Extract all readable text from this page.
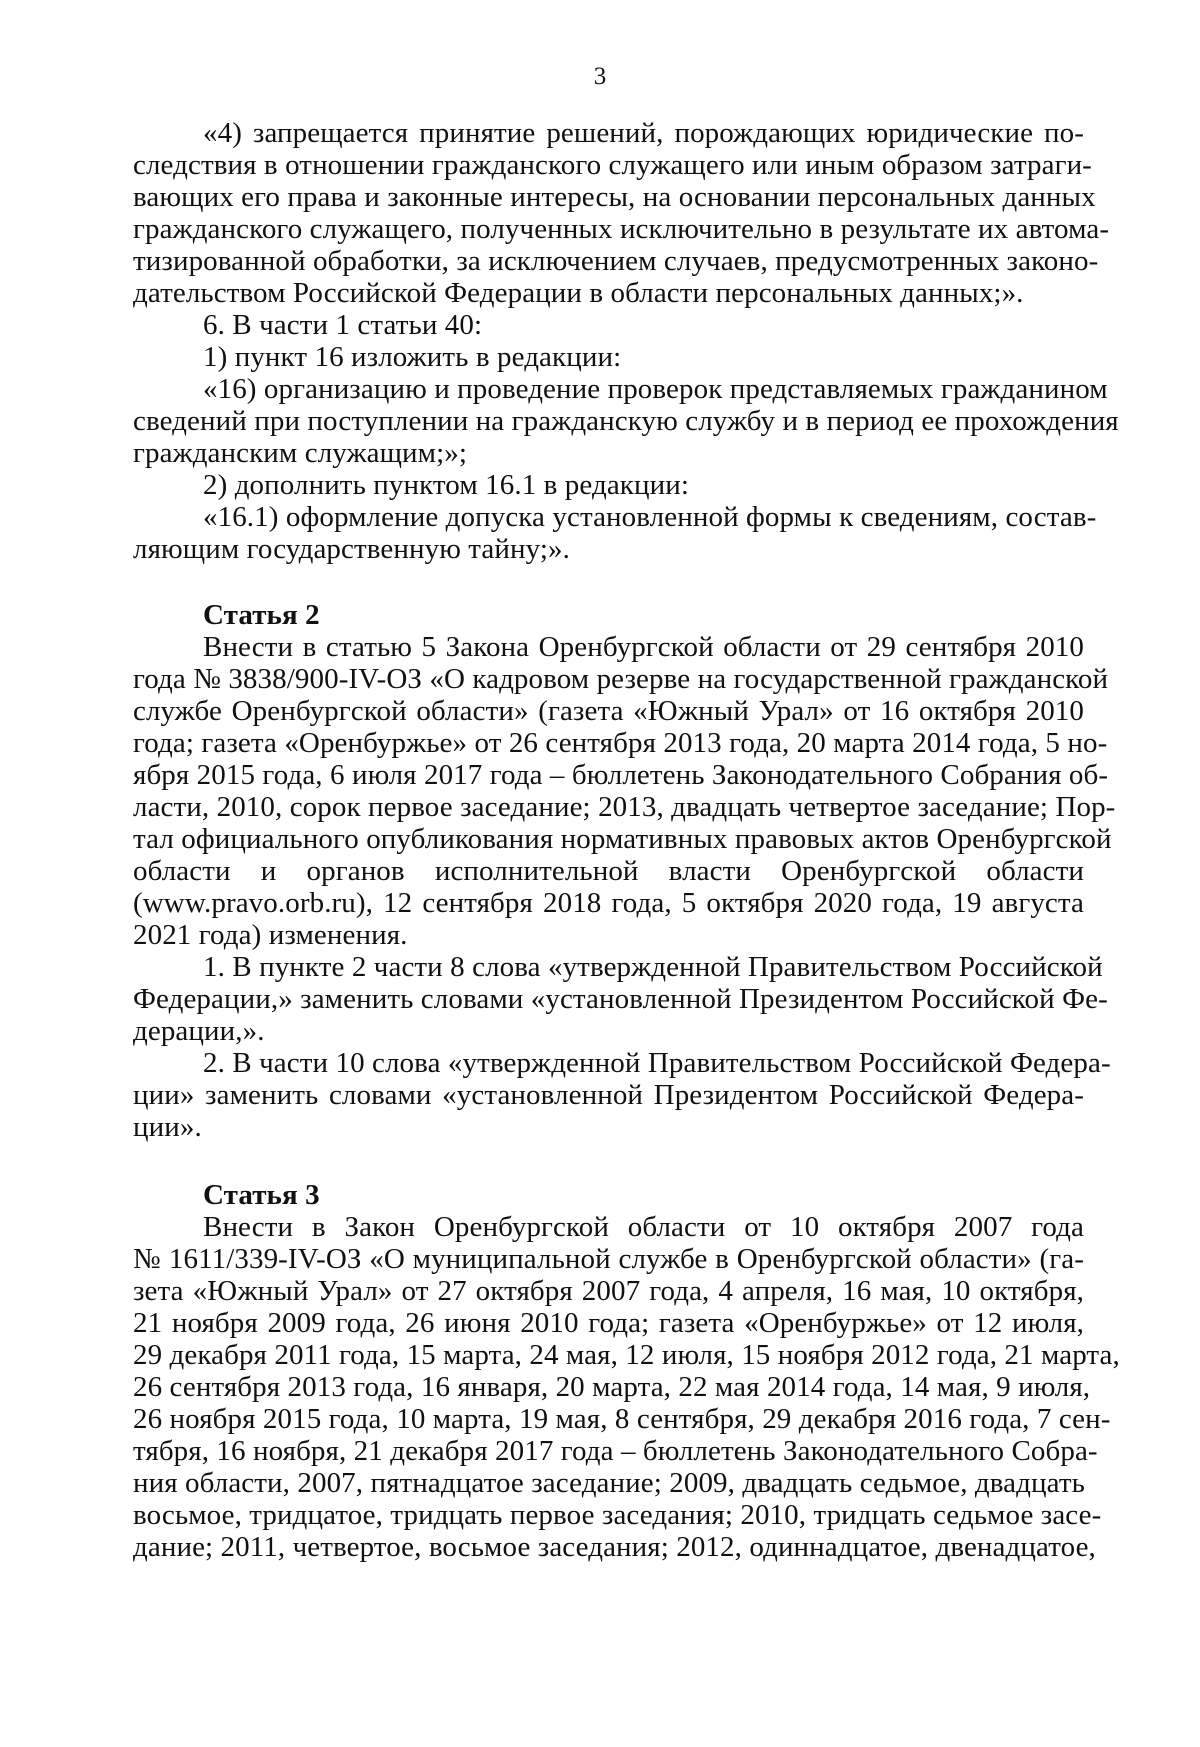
3
«4) запрещается принятие решений, порождающих юридические по-
следствия в отношении гражданского служащего или иным образом затраги-
вающих его права и законные интересы, на основании персональных данных
гражданского служащего, полученных исключительно в результате их автома-
тизированной обработки, за исключением случаев, предусмотренных законо-
дательством Российской Федерации в области персональных данных;».
6. В части 1 статьи 40:
1) пункт 16 изложить в редакции:
«16) организацию и проведение проверок представляемых гражданином
сведений при поступлении на гражданскую службу и в период ее прохождения
гражданским служащим;»;
2) дополнить пунктом 16.1 в редакции:
«16.1) оформление допуска установленной формы к сведениям, состав-
ляющим государственную тайну;».
Статья 2
Внести в статью 5 Закона Оренбургской области от 29 сентября 2010
года № 3838/900-IV-ОЗ «О кадровом резерве на государственной гражданской
службе Оренбургской области» (газета «Южный Урал» от 16 октября 2010
года; газета «Оренбуржье» от 26 сентября 2013 года, 20 марта 2014 года, 5 но-
ября 2015 года, 6 июля 2017 года – бюллетень Законодательного Собрания об-
ласти, 2010, сорок первое заседание; 2013, двадцать четвертое заседание; Пор-
тал официального опубликования нормативных правовых актов Оренбургской
области и органов исполнительной власти Оренбургской области
(www.pravo.orb.ru), 12 сентября 2018 года, 5 октября 2020 года, 19 августа
2021 года) изменения.
1. В пункте 2 части 8 слова «утвержденной Правительством Российской
Федерации,» заменить словами «установленной Президентом Российской Фе-
дерации,».
2. В части 10 слова «утвержденной Правительством Российской Федера-
ции» заменить словами «установленной Президентом Российской Федера-
ции».
Статья 3
Внести в Закон Оренбургской области от 10 октября 2007 года
№ 1611/339-IV-ОЗ «О муниципальной службе в Оренбургской области» (га-
зета «Южный Урал» от 27 октября 2007 года, 4 апреля, 16 мая, 10 октября,
21 ноября 2009 года, 26 июня 2010 года; газета «Оренбуржье» от 12 июля,
29 декабря 2011 года, 15 марта, 24 мая, 12 июля, 15 ноября 2012 года, 21 марта,
26 сентября 2013 года, 16 января, 20 марта, 22 мая 2014 года, 14 мая, 9 июля,
26 ноября 2015 года, 10 марта, 19 мая, 8 сентября, 29 декабря 2016 года, 7 сен-
тября, 16 ноября, 21 декабря 2017 года – бюллетень Законодательного Собра-
ния области, 2007, пятнадцатое заседание; 2009, двадцать седьмое, двадцать
восьмое, тридцатое, тридцать первое заседания; 2010, тридцать седьмое засе-
дание; 2011, четвертое, восьмое заседания; 2012, одиннадцатое, двенадцатое,
